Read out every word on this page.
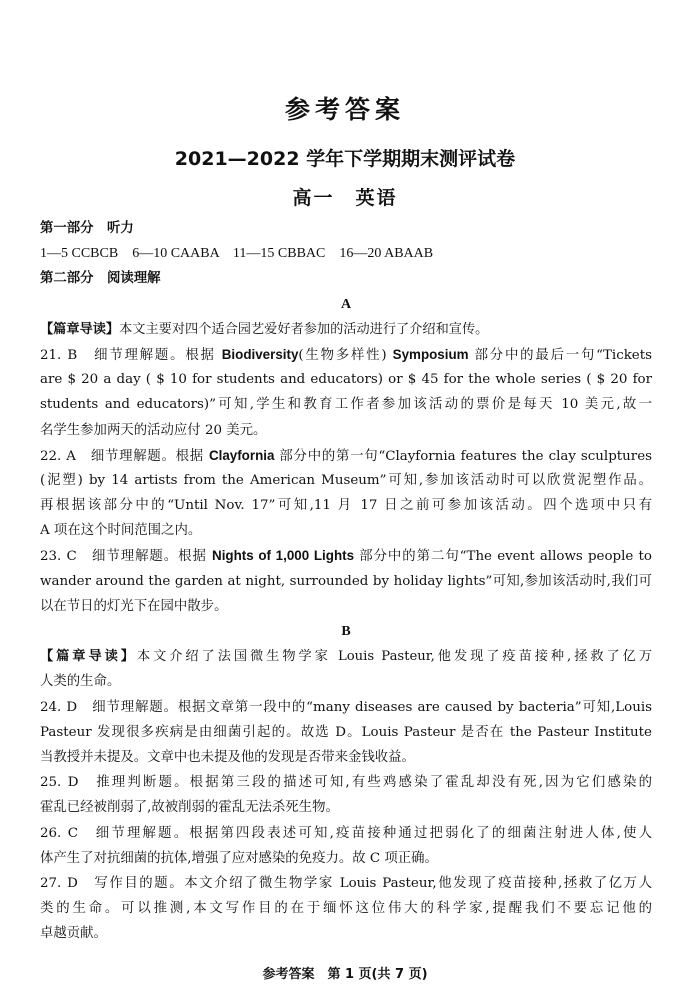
参考答案
2021—2022 学年下学期期末测评试卷
高一　英语
第一部分　听力
1—5 CCBCB　6—10 CAABA　11—15 CBBAC　16—20 ABAAB
第二部分　阅读理解
A
【篇章导读】本文主要对四个适合园艺爱好者参加的活动进行了介绍和宣传。
21. B　细节理解题。根据 Biodiversity(生物多样性) Symposium 部分中的最后一句“Tickets
are $ 20 a day ( $ 10 for students and educators) or $ 45 for the whole series ( $ 20 for
students and educators)”可知,学生和教育工作者参加该活动的票价是每天 10 美元,故一
名学生参加两天的活动应付 20 美元。
22. A　细节理解题。根据 Clayfornia 部分中的第一句“Clayfornia features the clay sculptures
(泥塑) by 14 artists from the American Museum”可知,参加该活动时可以欣赏泥塑作品。
再根据该部分中的“Until Nov. 17”可知,11 月 17 日之前可参加该活动。四个选项中只有
A 项在这个时间范围之内。
23. C　细节理解题。根据 Nights of 1,000 Lights 部分中的第二句“The event allows people to
wander around the garden at night, surrounded by holiday lights”可知,参加该活动时,我们可
以在节日的灯光下在园中散步。
B
【篇章导读】本文介绍了法国微生物学家 Louis Pasteur,他发现了疫苗接种,拯救了亿万
人类的生命。
24. D　细节理解题。根据文章第一段中的“many diseases are caused by bacteria”可知,Louis
Pasteur 发现很多疾病是由细菌引起的。故选 D。Louis Pasteur 是否在 the Pasteur Institute
当教授并未提及。文章中也未提及他的发现是否带来金钱收益。
25. D　推理判断题。根据第三段的描述可知,有些鸡感染了霍乱却没有死,因为它们感染的
霍乱已经被削弱了,故被削弱的霍乱无法杀死生物。
26. C　细节理解题。根据第四段表述可知,疫苗接种通过把弱化了的细菌注射进人体,使人
体产生了对抗细菌的抗体,增强了应对感染的免疫力。故 C 项正确。
27. D　写作目的题。本文介绍了微生物学家 Louis Pasteur,他发现了疫苗接种,拯救了亿万人
类的生命。可以推测,本文写作目的在于缅怀这位伟大的科学家,提醒我们不要忘记他的
卓越贡献。
参考答案　第 1 页(共 7 页)
